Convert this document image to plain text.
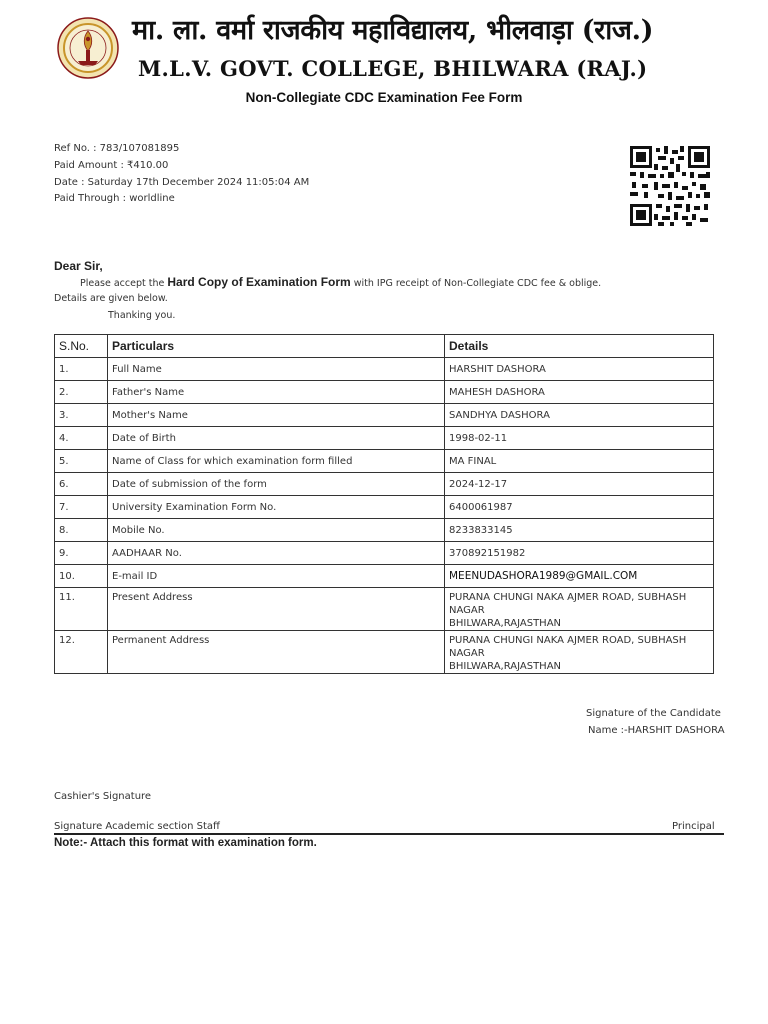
मा. ला. वर्मा राजकीय महाविद्यालय, भीलवाड़ा (राज.)
M.L.V. GOVT. COLLEGE, BHILWARA (RAJ.)
Non-Collegiate CDC Examination Fee Form
Ref No. : 783/107081895
Paid Amount : ₹410.00
Date : Saturday 17th December 2024 11:05:04 AM
Paid Through : worldline
Dear Sir,
Please accept the Hard Copy of Examination Form with IPG receipt of Non-Collegiate CDC fee & oblige.
Details are given below.
Thanking you.
S.No.	Particulars	Details
1.	Full Name	HARSHIT DASHORA
2.	Father's Name	MAHESH DASHORA
3.	Mother's Name	SANDHYA DASHORA
4.	Date of Birth	1998-02-11
5.	Name of Class for which examination form filled	MA FINAL
6.	Date of submission of the form	2024-12-17
7.	University Examination Form No.	6400061987
8.	Mobile No.	8233833145
9.	AADHAAR No.	370892151982
10.	E-mail ID	MEENUDASHORA1989@GMAIL.COM
11.	Present Address	PURANA CHUNGI NAKA AJMER ROAD, SUBHASH NAGAR
BHILWARA,RAJASTHAN

12.	Permanent Address	PURANA CHUNGI NAKA AJMER ROAD, SUBHASH NAGAR
BHILWARA,RAJASTHAN
Signature of the Candidate
Name :-HARSHIT DASHORA
Cashier's Signature
Signature Academic section Staff	Principal
Note:- Attach this format with examination form.
